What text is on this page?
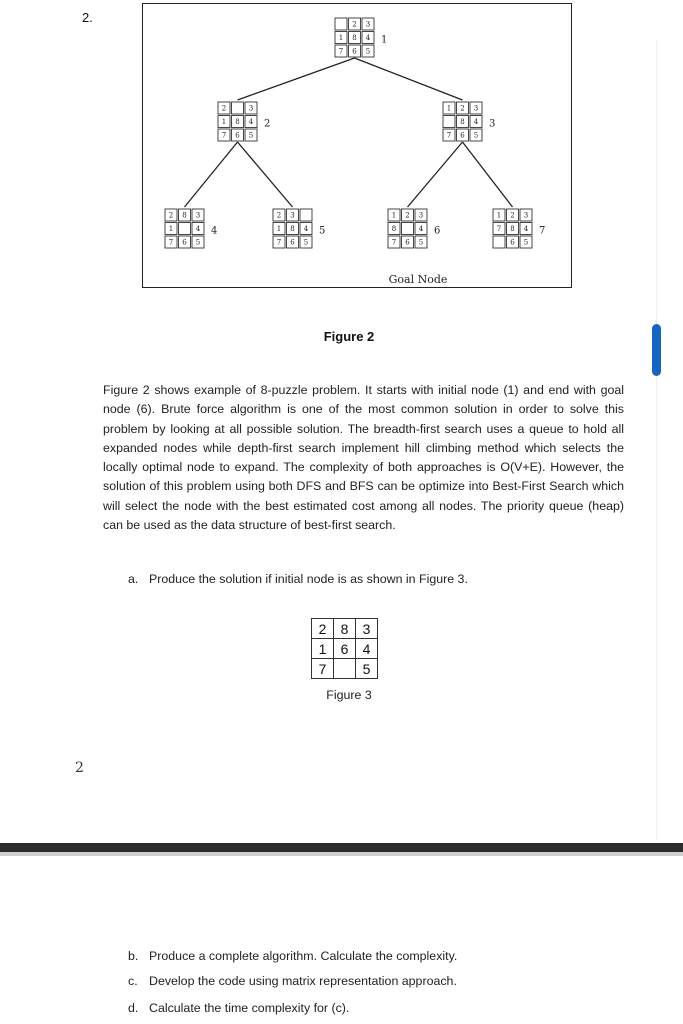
2.	2 3
1 8 4
7 6 5
1
2	3
1 8 4
7 6 5
2
1 2 3
8 4
7 6 5
3
2 8 3
1	4
7 6 5
4
2 3
1 8 4
7 6 5
5
1 2 3
8	4
7 6 5
6
1 2 3
7 8 4
6 5
7
Goal Node
Figure 2
Figure 2 shows example of 8-puzzle problem. It starts with initial node (1) and end with goal node (6). Brute force algorithm is one of the most common solution in order to solve this problem by looking at all possible solution. The breadth-first search uses a queue to hold all expanded nodes while depth-first search implement hill climbing method which selects the locally optimal node to expand. The complexity of both approaches is O(V+E). However, the solution of this problem using both DFS and BFS can be optimize into Best-First Search which will select the node with the best estimated cost among all nodes. The priority queue (heap) can be used as the data structure of best-first search.
a. Produce the solution if initial node is as shown in Figure 3.
2	8	3
1	6	4
7		5
Figure 3
2
b. Produce a complete algorithm. Calculate the complexity.
c. Develop the code using matrix representation approach.
d. Calculate the time complexity for (c).
